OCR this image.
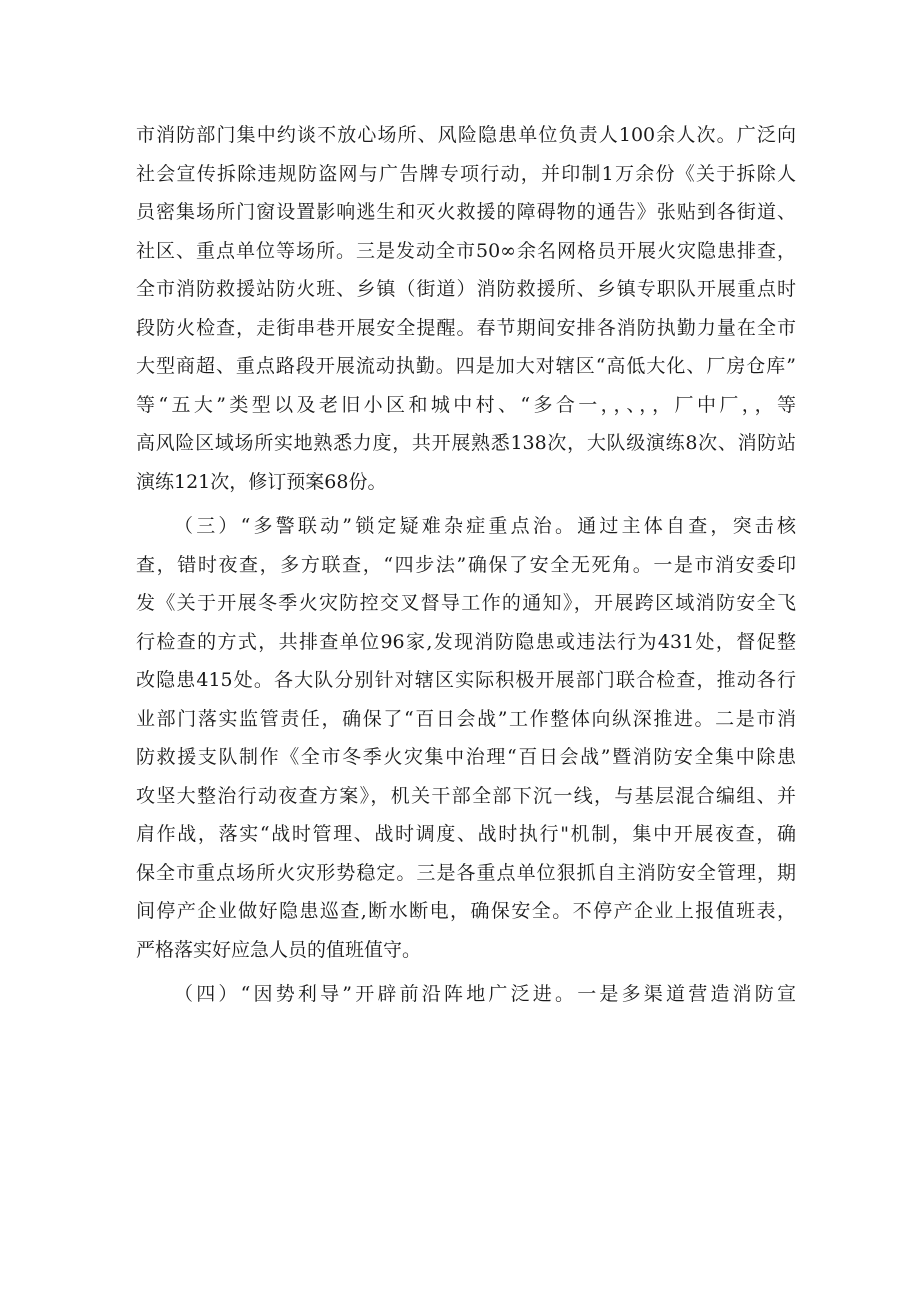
市消防部门集中约谈不放心场所、风险隐患单位负责人100余人次。广泛向
社会宣传拆除违规防盗网与广告牌专项行动，并印制1万余份《关于拆除人
员密集场所门窗设置影响逃生和灭火救援的障碍物的通告》张贴到各街道、
社区、重点单位等场所。三是发动全市50∞余名网格员开展火灾隐患排查，
全市消防救援站防火班、乡镇（街道）消防救援所、乡镇专职队开展重点时
段防火检查，走街串巷开展安全提醒。春节期间安排各消防执勤力量在全市
大型商超、重点路段开展流动执勤。四是加大对辖区“高低大化、厂房仓库”
等“五大”类型以及老旧小区和城中村、“多合一，，、，，厂中厂，，等
高风险区域场所实地熟悉力度，共开展熟悉138次，大队级演练8次、消防站
演练121次，修订预案68份。
（三）“多警联动”锁定疑难杂症重点治。通过主体自查，突击核
查，错时夜查，多方联查，“四步法”确保了安全无死角。一是市消安委印
发《关于开展冬季火灾防控交叉督导工作的通知》，开展跨区域消防安全飞
行检查的方式，共排查单位96家,发现消防隐患或违法行为431处，督促整
改隐患415处。各大队分别针对辖区实际积极开展部门联合检查，推动各行
业部门落实监管责任，确保了“百日会战”工作整体向纵深推进。二是市消
防救援支队制作《全市冬季火灾集中治理“百日会战”暨消防安全集中除患
攻坚大整治行动夜查方案》，机关干部全部下沉一线，与基层混合编组、并
肩作战，落实“战时管理、战时调度、战时执行"机制，集中开展夜查，确
保全市重点场所火灾形势稳定。三是各重点单位狠抓自主消防安全管理，期
间停产企业做好隐患巡查,断水断电，确保安全。不停产企业上报值班表，
严格落实好应急人员的值班值守。
（四）“因势利导”开辟前沿阵地广泛进。一是多渠道营造消防宣
